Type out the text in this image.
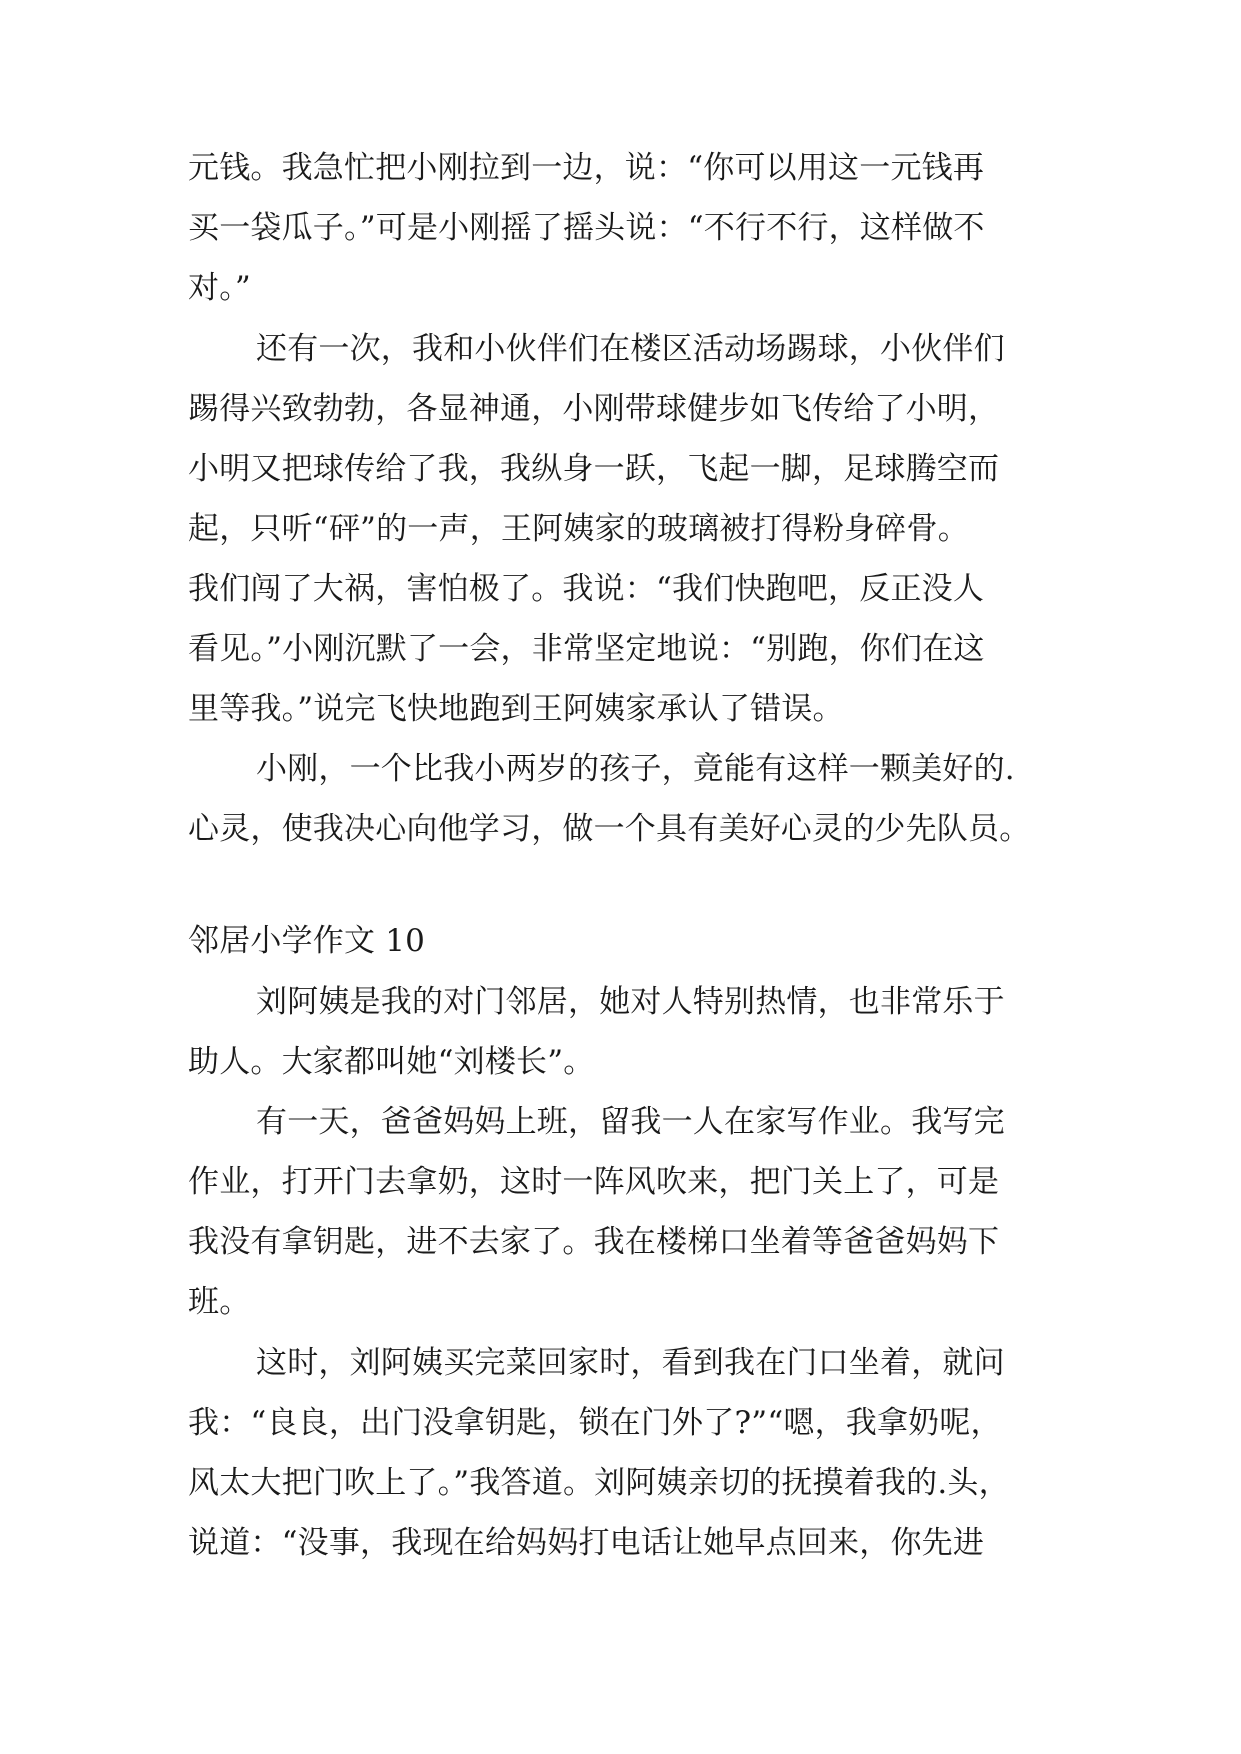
元钱。我急忙把小刚拉到一边，说：“你可以用这一元钱再
买一袋瓜子。”可是小刚摇了摇头说：“不行不行，这样做不
对。”
还有一次，我和小伙伴们在楼区活动场踢球，小伙伴们
踢得兴致勃勃，各显神通，小刚带球健步如飞传给了小明，
小明又把球传给了我，我纵身一跃，飞起一脚，足球腾空而
起，只听“砰”的一声，王阿姨家的玻璃被打得粉身碎骨。
我们闯了大祸，害怕极了。我说：“我们快跑吧，反正没人
看见。”小刚沉默了一会，非常坚定地说：“别跑，你们在这
里等我。”说完飞快地跑到王阿姨家承认了错误。
小刚，一个比我小两岁的孩子，竟能有这样一颗美好的.
心灵，使我决心向他学习，做一个具有美好心灵的少先队员。
邻居小学作文 10
刘阿姨是我的对门邻居，她对人特别热情，也非常乐于
助人。大家都叫她“刘楼长”。
有一天，爸爸妈妈上班，留我一人在家写作业。我写完
作业，打开门去拿奶，这时一阵风吹来，把门关上了，可是
我没有拿钥匙，进不去家了。我在楼梯口坐着等爸爸妈妈下
班。
这时，刘阿姨买完菜回家时，看到我在门口坐着，就问
我：“良良，出门没拿钥匙，锁在门外了?”“嗯，我拿奶呢，
风太大把门吹上了。”我答道。刘阿姨亲切的抚摸着我的.头，
说道：“没事，我现在给妈妈打电话让她早点回来，你先进
